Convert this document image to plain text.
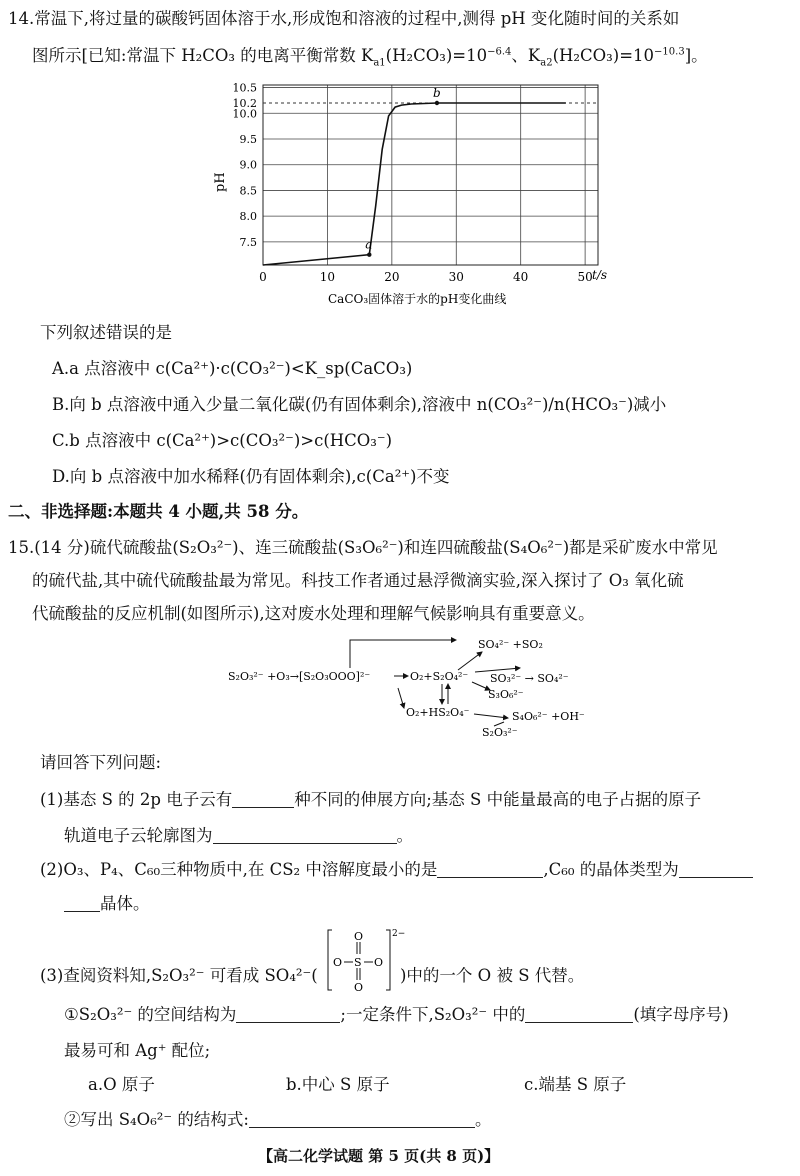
14.常温下,将过量的碳酸钙固体溶于水,形成饱和溶液的过程中,测得 pH 变化随时间的关系如
图所示[已知:常温下 H₂CO₃ 的电离平衡常数 $K_{a1}(H_2CO_3)=10^{-6.4}$、$K_{a2}(H_2CO_3)=10^{-10.3}$]。
7.5
8.0
8.5
9.0
9.5
10.0
10.2
10.5
0	10	20	30	40	50
pH
t/s
a
b
CaCO₃固体溶于水的pH变化曲线
下列叙述错误的是
A.a 点溶液中 c(Ca²⁺)·c(CO₃²⁻)<K_sp(CaCO₃)
B.向 b 点溶液中通入少量二氧化碳(仍有固体剩余),溶液中 n(CO₃²⁻)/n(HCO₃⁻)减小
C.b 点溶液中 c(Ca²⁺)>c(CO₃²⁻)>c(HCO₃⁻)
D.向 b 点溶液中加水稀释(仍有固体剩余),c(Ca²⁺)不变
二、非选择题:本题共 4 小题,共 58 分。
15.(14 分)硫代硫酸盐(S₂O₃²⁻)、连三硫酸盐(S₃O₆²⁻)和连四硫酸盐(S₄O₆²⁻)都是采矿废水中常见
的硫代盐,其中硫代硫酸盐最为常见。科技工作者通过悬浮微滴实验,深入探讨了 O₃ 氧化硫
代硫酸盐的反应机制(如图所示),这对废水处理和理解气候影响具有重要意义。
S₂O₃²⁻ +O₃→[S₂O₃OOO]²⁻	O₂+S₂O₄²⁻
SO₄²⁻ +SO₂
SO₃²⁻ → SO₄²⁻
S₃O₆²⁻
O₂+HS₂O₄⁻	S₄O₆²⁻ +OH⁻
S₂O₃²⁻
请回答下列问题:
(1)基态 S 的 2p 电子云有	种不同的伸展方向;基态 S 中能量最高的电子占据的原子
轨道电子云轮廓图为	。
(2)O₃、P₄、C₆₀三种物质中,在 CS₂ 中溶解度最小的是	,C₆₀ 的晶体类型为
晶体。
(3)查阅资料知,S₂O₃²⁻ 可看成 SO₄²⁻(
O
O S O
O
2−
)中的一个 O 被 S 代替。
①S₂O₃²⁻ 的空间结构为	;一定条件下,S₂O₃²⁻ 中的	(填字母序号)
最易可和 Ag⁺ 配位;
a.O 原子	b.中心 S 原子	c.端基 S 原子
②写出 S₄O₆²⁻ 的结构式:	。
【高二化学试题 第 5 页(共 8 页)】
